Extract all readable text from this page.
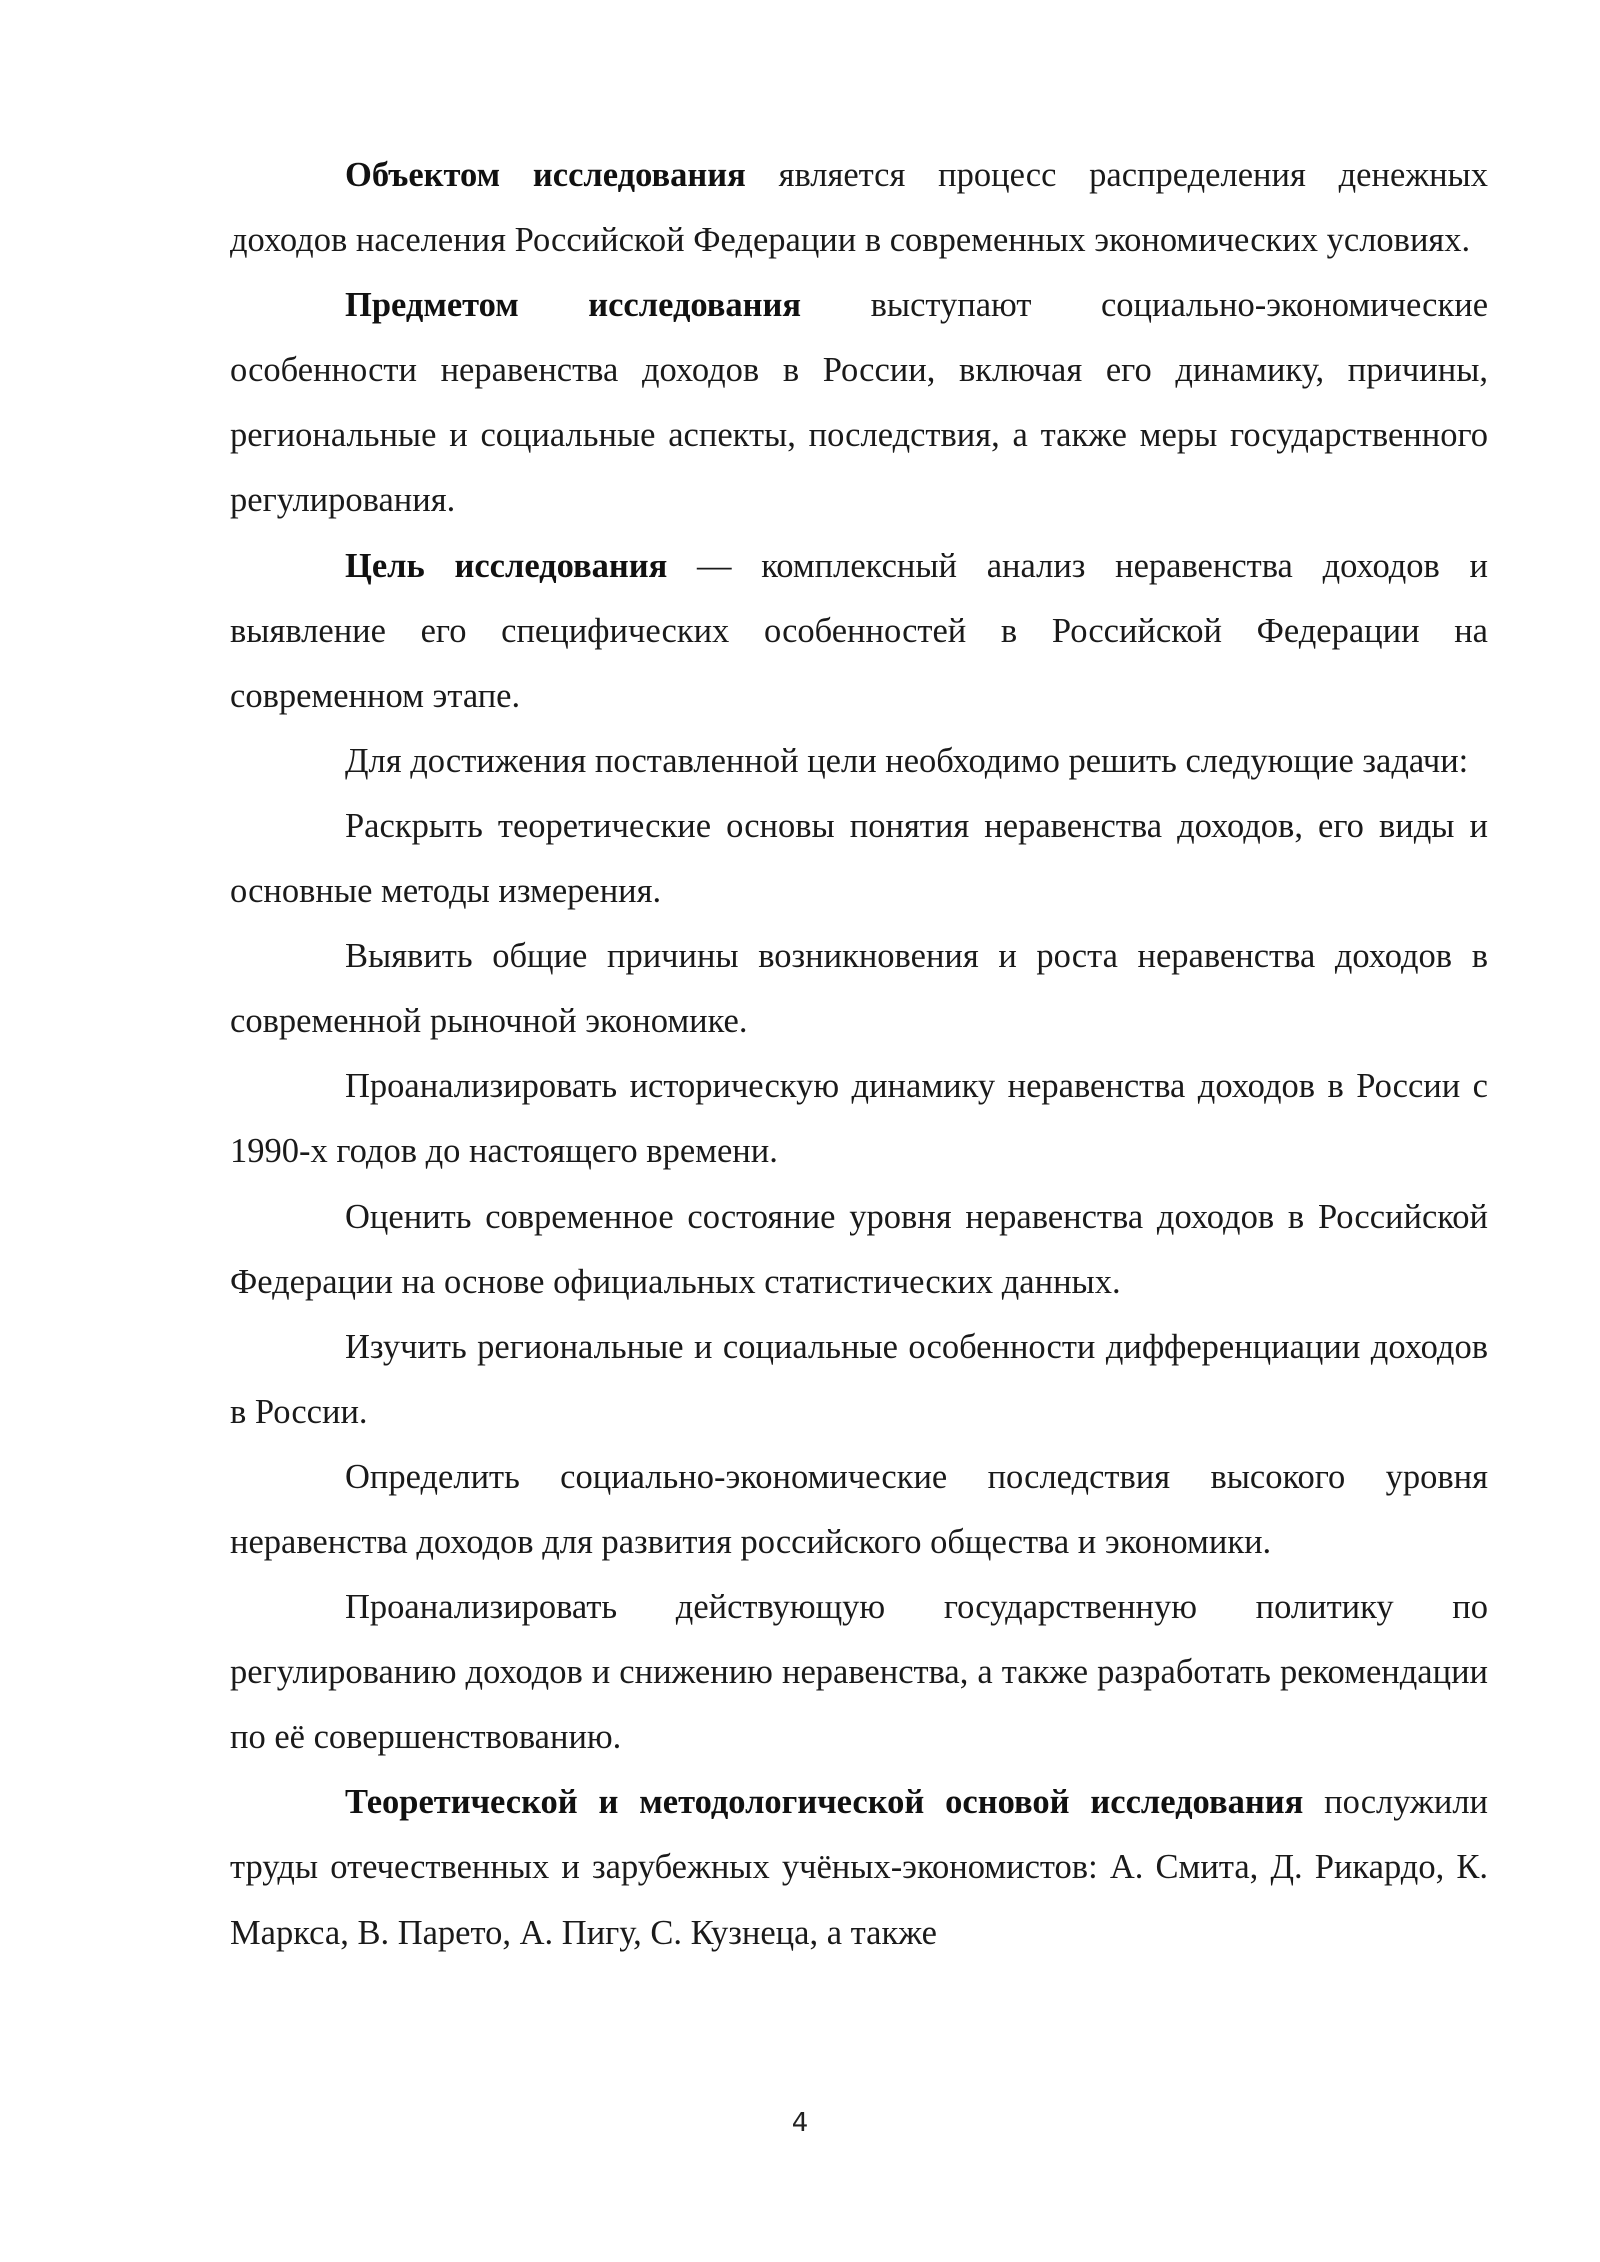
Объектом исследования является процесс распределения денежных доходов населения Российской Федерации в современных экономических условиях.

Предметом исследования выступают социально-экономические особенности неравенства доходов в России, включая его динамику, причины, региональные и социальные аспекты, последствия, а также меры государственного регулирования.

Цель исследования — комплексный анализ неравенства доходов и выявление его специфических особенностей в Российской Федерации на современном этапе.

Для достижения поставленной цели необходимо решить следующие задачи:

Раскрыть теоретические основы понятия неравенства доходов, его виды и основные методы измерения.

Выявить общие причины возникновения и роста неравенства доходов в современной рыночной экономике.

Проанализировать историческую динамику неравенства доходов в России с 1990-х годов до настоящего времени.

Оценить современное состояние уровня неравенства доходов в Российской Федерации на основе официальных статистических данных.

Изучить региональные и социальные особенности дифференциации доходов в России.

Определить социально-экономические последствия высокого уровня неравенства доходов для развития российского общества и экономики.

Проанализировать действующую государственную политику по регулированию доходов и снижению неравенства, а также разработать рекомендации по её совершенствованию.

Теоретической и методологической основой исследования послужили труды отечественных и зарубежных учёных-экономистов: А. Смита, Д. Рикардо, К. Маркса, В. Парето, А. Пигу, С. Кузнеца, а также

4
